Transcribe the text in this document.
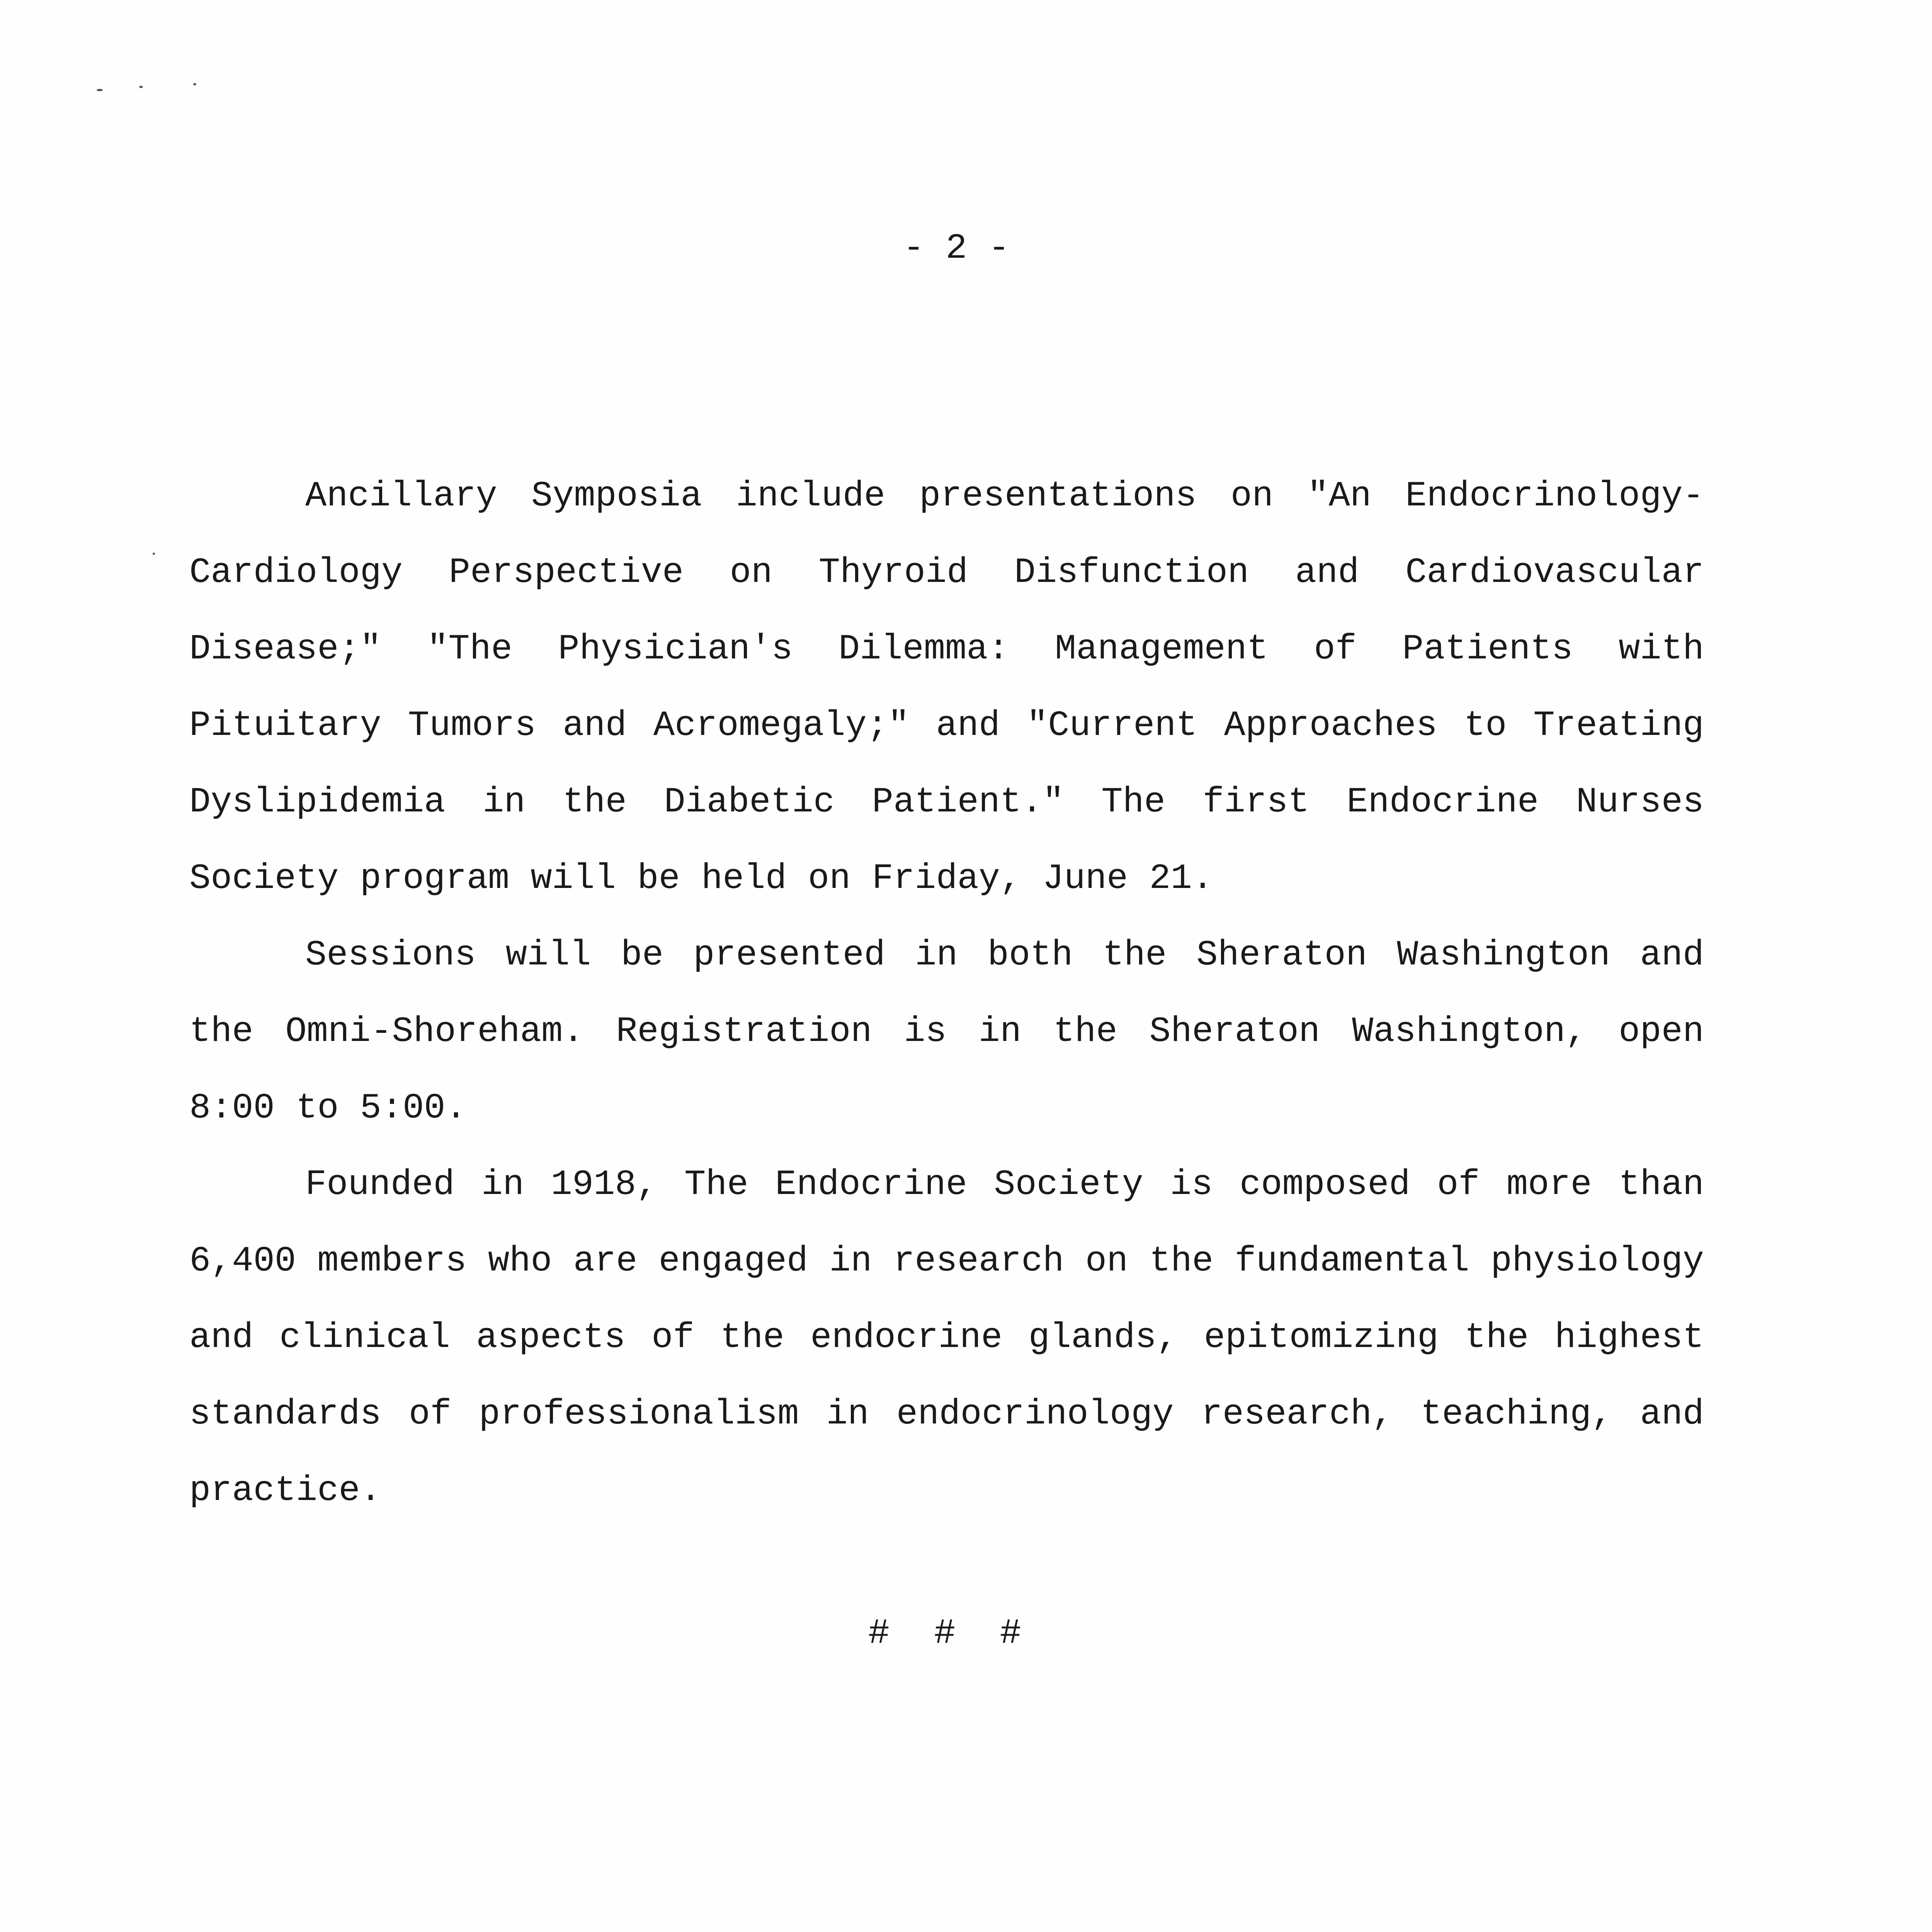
- 2 -

Ancillary Symposia include presentations on "An Endocrinology-Cardiology Perspective on Thyroid Disfunction and Cardiovascular Disease;" "The Physician's Dilemma: Management of Patients with Pituitary Tumors and Acromegaly;" and "Current Approaches to Treating Dyslipidemia in the Diabetic Patient." The first Endocrine Nurses Society program will be held on Friday, June 21.

Sessions will be presented in both the Sheraton Washington and the Omni-Shoreham. Registration is in the Sheraton Washington, open 8:00 to 5:00.

Founded in 1918, The Endocrine Society is composed of more than 6,400 members who are engaged in research on the fundamental physiology and clinical aspects of the endocrine glands, epitomizing the highest standards of professionalism in endocrinology research, teaching, and practice.

# # #
